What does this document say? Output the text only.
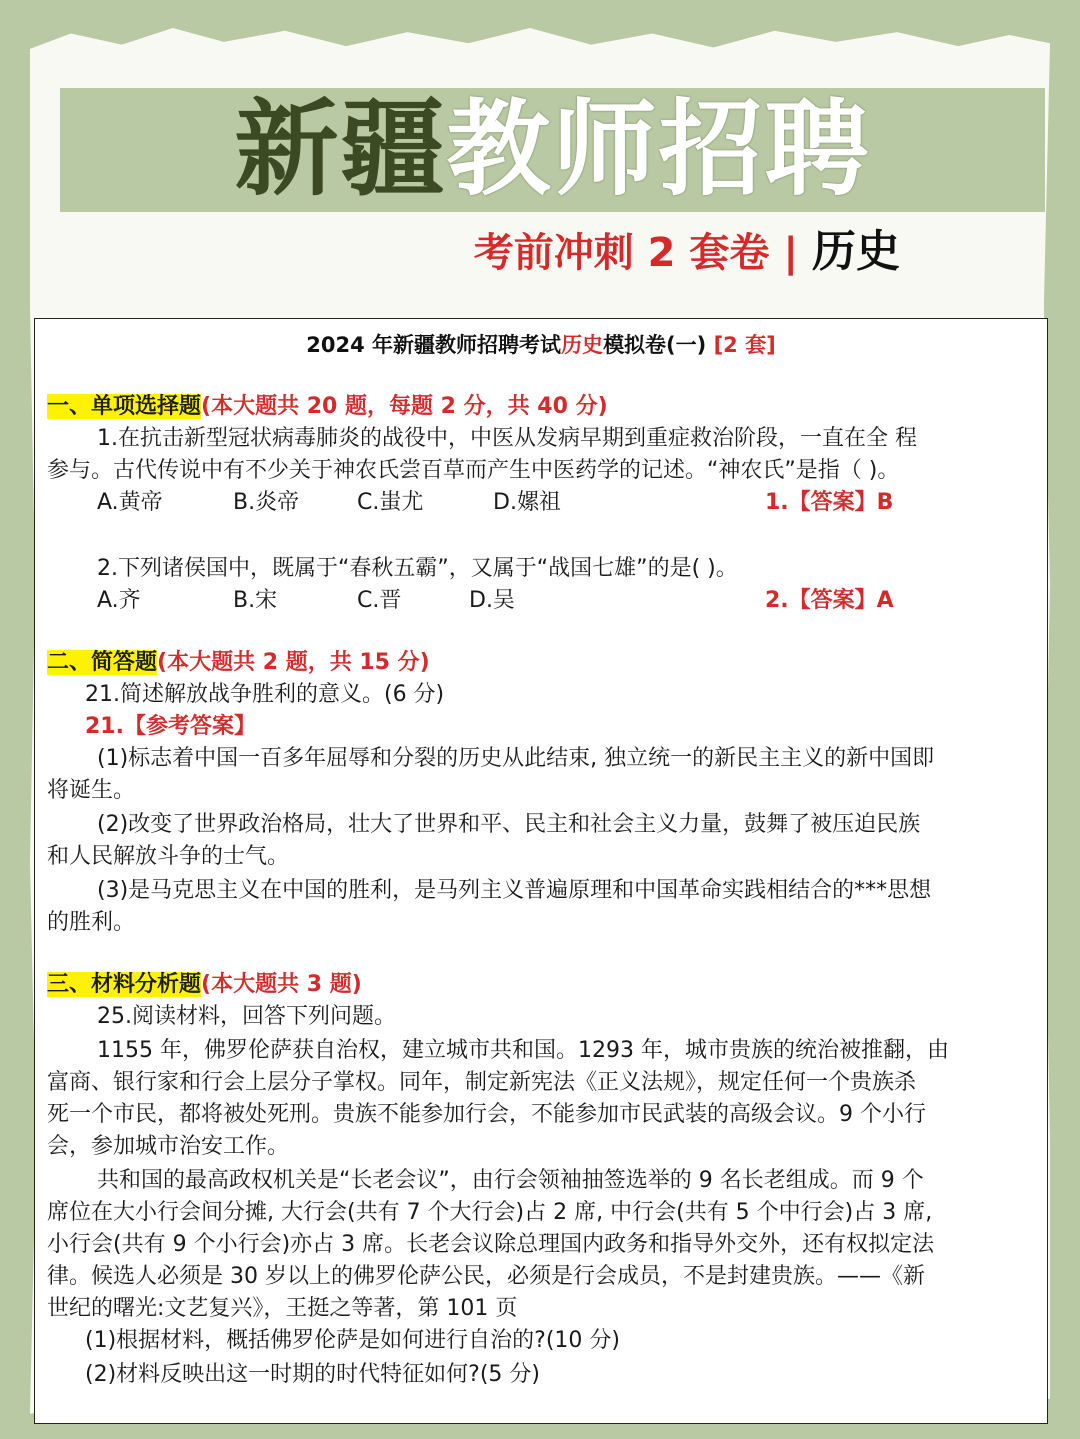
新疆教师招聘
考前冲刺 2 套卷 | 历史
2024 年新疆教师招聘考试历史模拟卷(一) [2 套]
一、单项选择题(本大题共 20 题，每题 2 分，共 40 分)
1.在抗击新型冠状病毒肺炎的战役中，中医从发病早期到重症救治阶段，一直在全 程
参与。古代传说中有不少关于神农氏尝百草而产生中医药学的记述。“神农氏”是指（ )。
A.黄帝	B.炎帝	C.蚩尤	D.嫘祖	1.【答案】B
2.下列诸侯国中，既属于“春秋五霸”，又属于“战国七雄”的是( )。
A.齐	B.宋	C.晋	D.吴	2.【答案】A
二、简答题(本大题共 2 题，共 15 分)
21.简述解放战争胜利的意义。(6 分)
21.【参考答案】
(1)标志着中国一百多年屈辱和分裂的历史从此结束, 独立统一的新民主主义的新中国即
将诞生。
(2)改变了世界政治格局，壮大了世界和平、民主和社会主义力量，鼓舞了被压迫民族
和人民解放斗争的士气。
(3)是马克思主义在中国的胜利，是马列主义普遍原理和中国革命实践相结合的***思想
的胜利。
三、材料分析题(本大题共 3 题)
25.阅读材料，回答下列问题。
1155 年，佛罗伦萨获自治权，建立城市共和国。1293 年，城市贵族的统治被推翻，由
富商、银行家和行会上层分子掌权。同年，制定新宪法《正义法规》，规定任何一个贵族杀
死一个市民，都将被处死刑。贵族不能参加行会，不能参加市民武装的高级会议。9 个小行
会，参加城市治安工作。
共和国的最高政权机关是“长老会议”，由行会领袖抽签选举的 9 名长老组成。而 9 个
席位在大小行会间分摊, 大行会(共有 7 个大行会)占 2 席, 中行会(共有 5 个中行会)占 3 席,
小行会(共有 9 个小行会)亦占 3 席。长老会议除总理国内政务和指导外交外，还有权拟定法
律。候选人必须是 30 岁以上的佛罗伦萨公民，必须是行会成员，不是封建贵族。——《新
世纪的曙光:文艺复兴》，王挺之等著，第 101 页
(1)根据材料，概括佛罗伦萨是如何进行自治的?(10 分)
(2)材料反映出这一时期的时代特征如何?(5 分)
